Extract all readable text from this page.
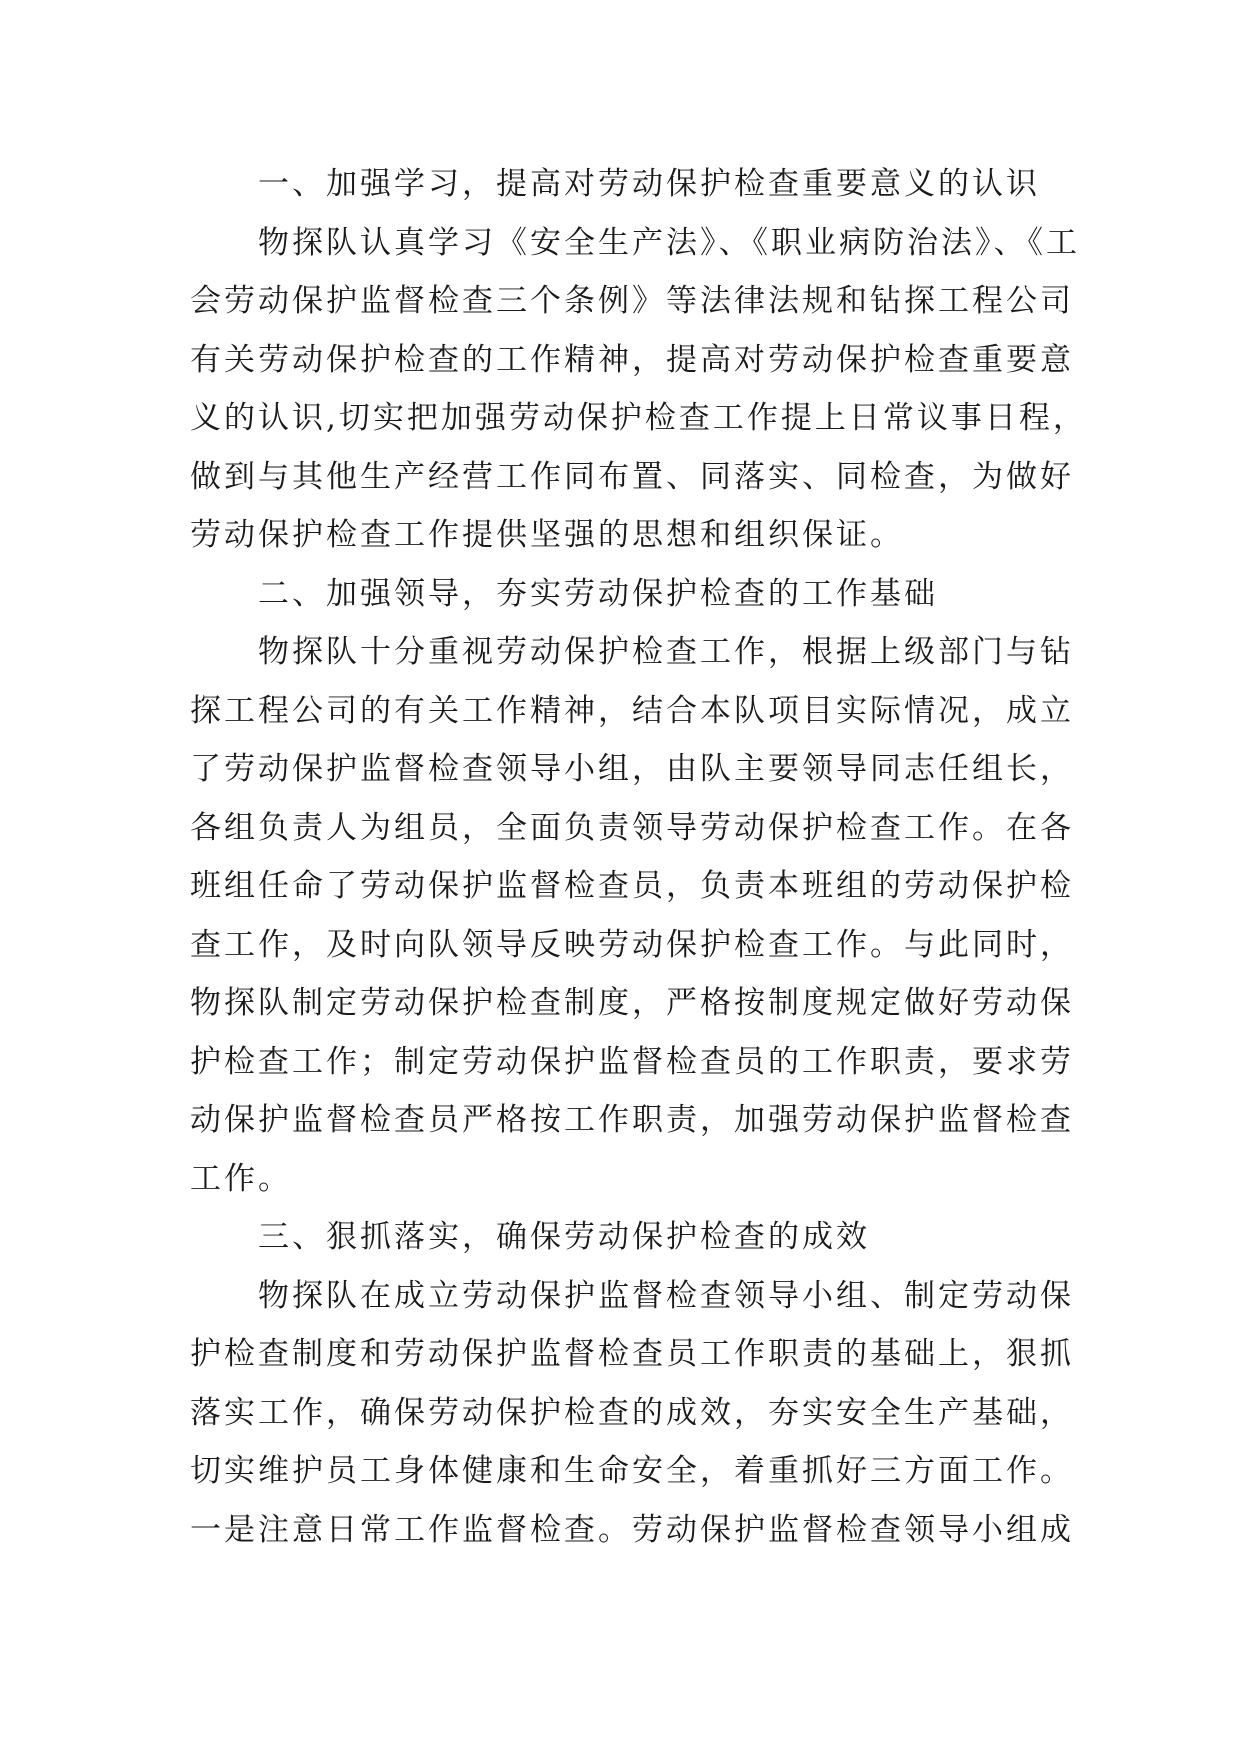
一、加强学习，提高对劳动保护检查重要意义的认识
物探队认真学习《安全生产法》、《职业病防治法》、《工
会劳动保护监督检查三个条例》等法律法规和钻探工程公司
有关劳动保护检查的工作精神，提高对劳动保护检查重要意
义的认识,切实把加强劳动保护检查工作提上日常议事日程，
做到与其他生产经营工作同布置、同落实、同检查，为做好
劳动保护检查工作提供坚强的思想和组织保证。
二、加强领导，夯实劳动保护检查的工作基础
物探队十分重视劳动保护检查工作，根据上级部门与钻
探工程公司的有关工作精神，结合本队项目实际情况，成立
了劳动保护监督检查领导小组，由队主要领导同志任组长，
各组负责人为组员，全面负责领导劳动保护检查工作。在各
班组任命了劳动保护监督检查员，负责本班组的劳动保护检
查工作，及时向队领导反映劳动保护检查工作。与此同时，
物探队制定劳动保护检查制度，严格按制度规定做好劳动保
护检查工作；制定劳动保护监督检查员的工作职责，要求劳
动保护监督检查员严格按工作职责，加强劳动保护监督检查
工作。
三、狠抓落实，确保劳动保护检查的成效
物探队在成立劳动保护监督检查领导小组、制定劳动保
护检查制度和劳动保护监督检查员工作职责的基础上，狠抓
落实工作，确保劳动保护检查的成效，夯实安全生产基础，
切实维护员工身体健康和生命安全，着重抓好三方面工作。
一是注意日常工作监督检查。劳动保护监督检查领导小组成
